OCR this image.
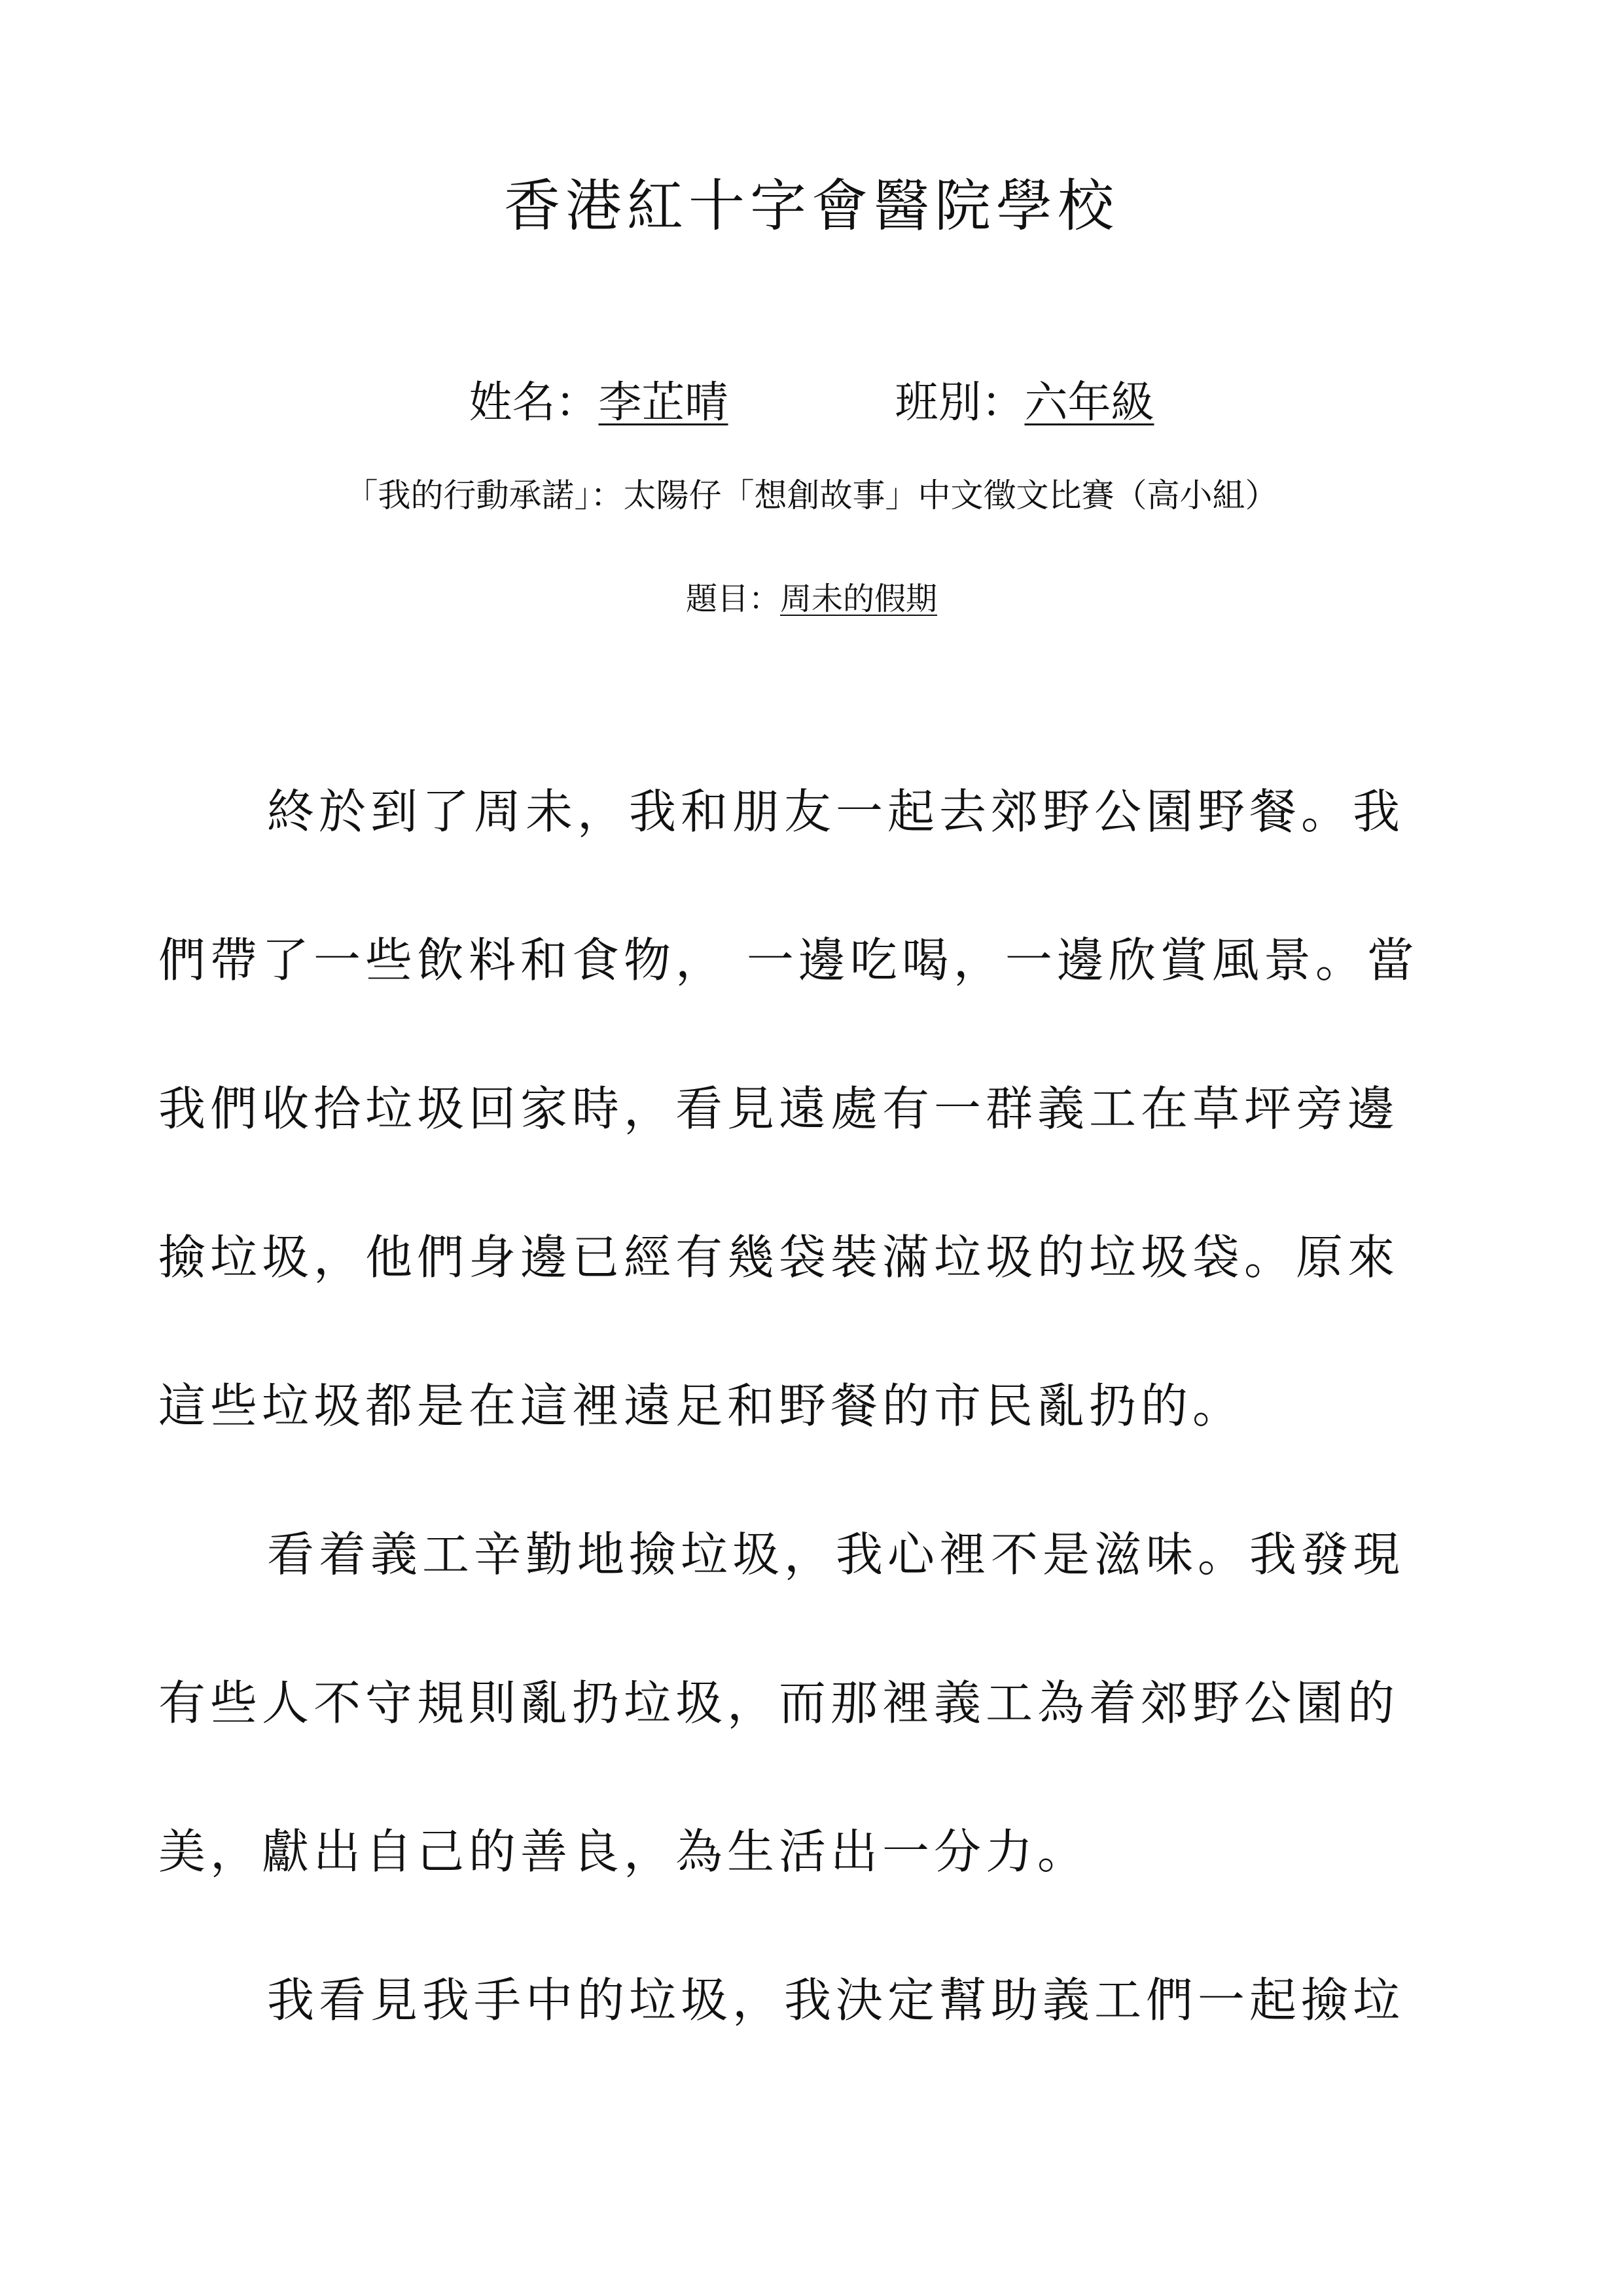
香港紅十字會醫院學校
姓名：李芷晴	班別：六年級
「我的行動承諾」：太陽仔「想創故事」中文徵文比賽（高小組）
題目：周未的假期
終於到了周未，我和朋友一起去郊野公園野餐。我
們帶了一些飲料和食物， 一邊吃喝，一邊欣賞風景。當
我們收拾垃圾回家時，看見遠處有一群義工在草坪旁邊
撿垃圾，他們身邊已經有幾袋裝滿垃圾的垃圾袋。原來
這些垃圾都是在這裡遠足和野餐的市民亂扔的。
看着義工辛勤地撿垃圾，我心裡不是滋味。我發現
有些人不守規則亂扔垃圾，而那裡義工為着郊野公園的
美，獻出自己的善良，為生活出一分力。
我看見我手中的垃圾，我決定幫助義工們一起撿垃
